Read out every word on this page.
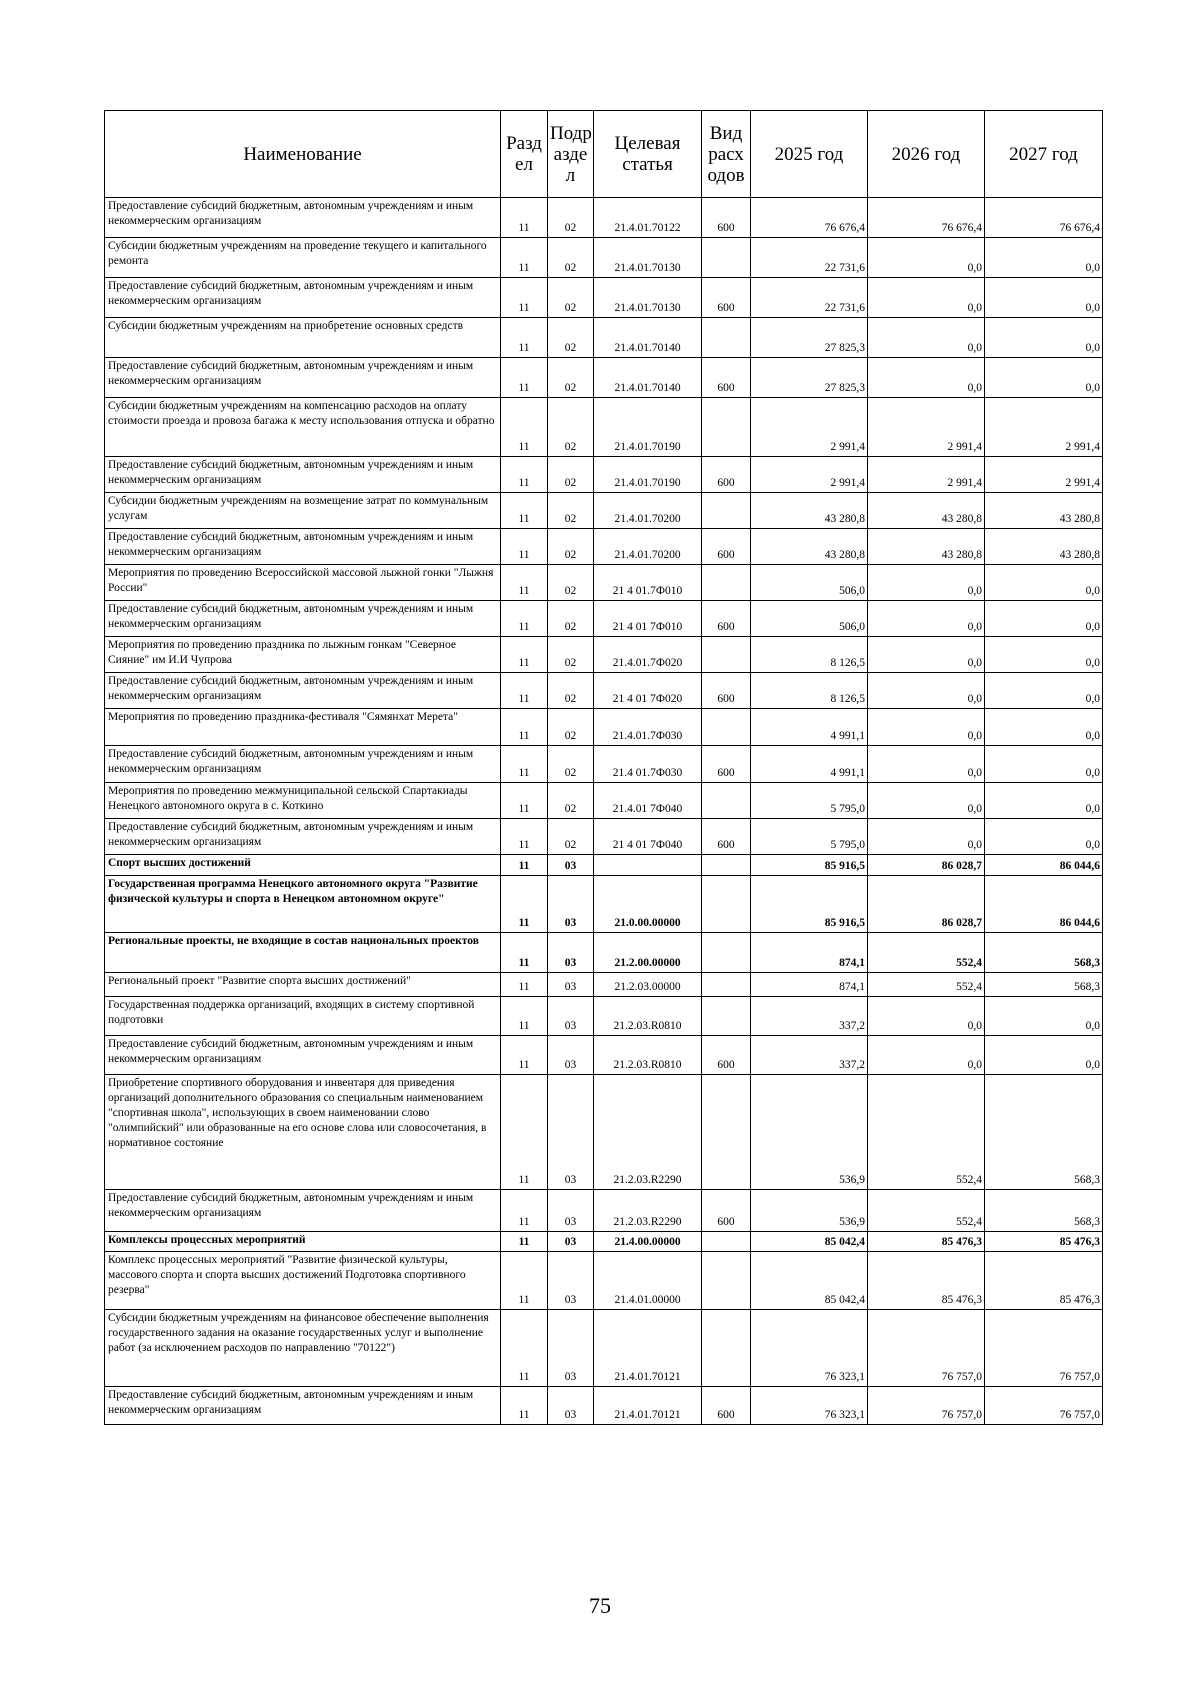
Наименование	Разд ел	Подр азде л	Целевая статья	Вид расх одов	2025 год	2026 год	2027 год
Предоставление субсидий бюджетным, автономным учреждениям и иным некоммерческим организациям	11	02	21.4.01.70122	600	76 676,4	76 676,4	76 676,4
Субсидии бюджетным учреждениям на проведение текущего и капитального ремонта	11	02	21.4.01.70130		22 731,6	0,0	0,0
Предоставление субсидий бюджетным, автономным учреждениям и иным некоммерческим организациям	11	02	21.4.01.70130	600	22 731,6	0,0	0,0
Субсидии бюджетным учреждениям на приобретение основных средств	11	02	21.4.01.70140		27 825,3	0,0	0,0
Предоставление субсидий бюджетным, автономным учреждениям и иным некоммерческим организациям	11	02	21.4.01.70140	600	27 825,3	0,0	0,0
Субсидии бюджетным учреждениям на компенсацию расходов на оплату стоимости проезда и провоза багажа к месту использования отпуска и обратно	11	02	21.4.01.70190		2 991,4	2 991,4	2 991,4
Предоставление субсидий бюджетным, автономным учреждениям и иным некоммерческим организациям	11	02	21.4.01.70190	600	2 991,4	2 991,4	2 991,4
Субсидии бюджетным учреждениям на возмещение затрат по коммунальным услугам	11	02	21.4.01.70200		43 280,8	43 280,8	43 280,8
Предоставление субсидий бюджетным, автономным учреждениям и иным некоммерческим организациям	11	02	21.4.01.70200	600	43 280,8	43 280,8	43 280,8
Мероприятия по проведению Всероссийской массовой лыжной гонки "Лыжня России"	11	02	21 4 01.7Ф010		506,0	0,0	0,0
Предоставление субсидий бюджетным, автономным учреждениям и иным некоммерческим организациям	11	02	21 4 01 7Ф010	600	506,0	0,0	0,0
Мероприятия по проведению праздника по лыжным гонкам "Северное Сияние" им И.И Чупрова	11	02	21.4.01.7Ф020		8 126,5	0,0	0,0
Предоставление субсидий бюджетным, автономным учреждениям и иным некоммерческим организациям	11	02	21 4 01 7Ф020	600	8 126,5	0,0	0,0
Мероприятия по проведению праздника-фестиваля "Сямянхат Мерета"	11	02	21.4.01.7Ф030		4 991,1	0,0	0,0
Предоставление субсидий бюджетным, автономным учреждениям и иным некоммерческим организациям	11	02	21.4 01.7Ф030	600	4 991,1	0,0	0,0
Мероприятия по проведению межмуниципальной сельской Спартакиады Ненецкого автономного округа в с. Коткино	11	02	21.4.01 7Ф040		5 795,0	0,0	0,0
Предоставление субсидий бюджетным, автономным учреждениям и иным некоммерческим организациям	11	02	21 4 01 7Ф040	600	5 795,0	0,0	0,0
Спорт высших достижений	11	03			85 916,5	86 028,7	86 044,6
Государственная программа Ненецкого автономного округа "Развитие физической культуры и спорта в Ненецком автономном округе"	11	03	21.0.00.00000		85 916,5	86 028,7	86 044,6
Региональные проекты, не входящие в состав национальных проектов	11	03	21.2.00.00000		874,1	552,4	568,3
Региональный проект "Развитие спорта высших достижений"	11	03	21.2.03.00000		874,1	552,4	568,3
Государственная поддержка организаций, входящих в систему спортивной подготовки	11	03	21.2.03.R0810		337,2	0,0	0,0
Предоставление субсидий бюджетным, автономным учреждениям и иным некоммерческим организациям	11	03	21.2.03.R0810	600	337,2	0,0	0,0
Приобретение спортивного оборудования и инвентаря для приведения организаций дополнительного образования со специальным наименованием "спортивная школа", использующих в своем наименовании слово "олимпийский" или образованные на его основе слова или словосочетания, в нормативное состояние	11	03	21.2.03.R2290		536,9	552,4	568,3
Предоставление субсидий бюджетным, автономным учреждениям и иным некоммерческим организациям	11	03	21.2.03.R2290	600	536,9	552,4	568,3
Комплексы процессных мероприятий	11	03	21.4.00.00000		85 042,4	85 476,3	85 476,3
Комплекс процессных мероприятий "Развитие физической культуры, массового спорта и спорта высших достижений Подготовка спортивного резерва"	11	03	21.4.01.00000		85 042,4	85 476,3	85 476,3
Субсидии бюджетным учреждениям на финансовое обеспечение выполнения государственного задания на оказание государственных услуг и выполнение работ (за исключением расходов по направлению "70122")	11	03	21.4.01.70121		76 323,1	76 757,0	76 757,0
Предоставление субсидий бюджетным, автономным учреждениям и иным некоммерческим организациям	11	03	21.4.01.70121	600	76 323,1	76 757,0	76 757,0
75
